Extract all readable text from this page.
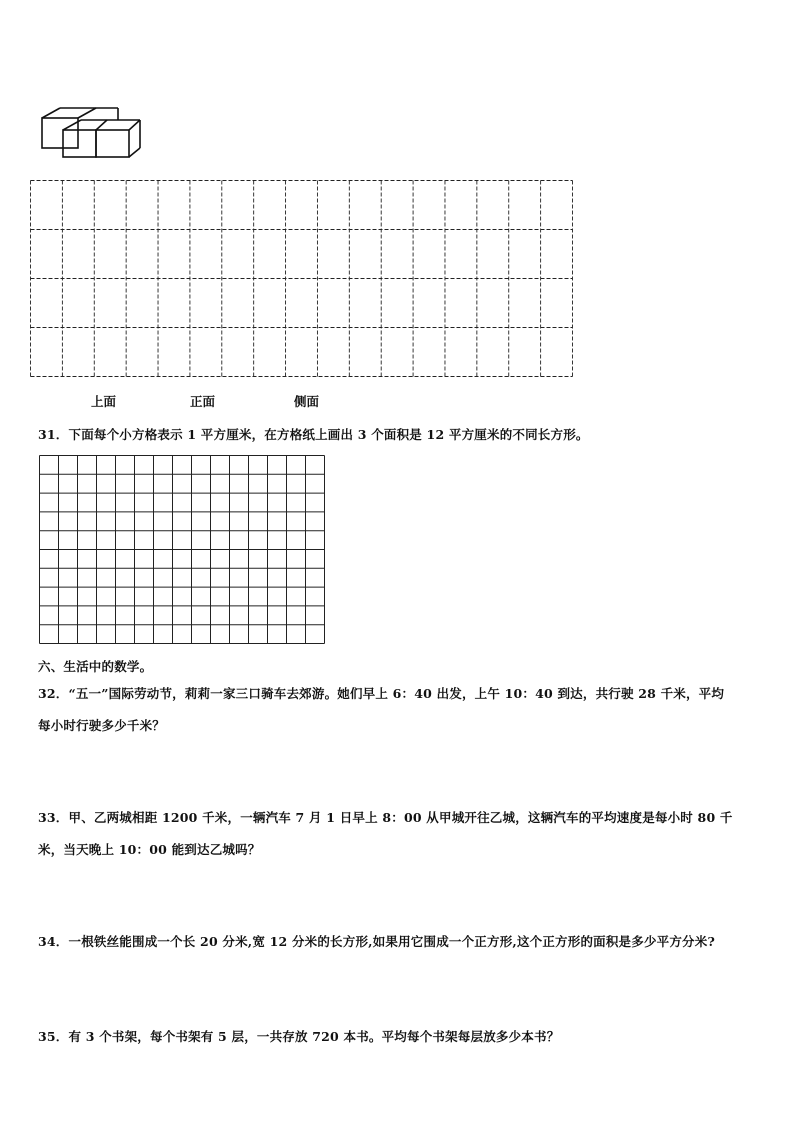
上面	正面	侧面
31．下面每个小方格表示 1 平方厘米，在方格纸上画出 3 个面积是 12 平方厘米的不同长方形。
六、生活中的数学。
32．“五一”国际劳动节，莉莉一家三口骑车去郊游。她们早上 6：40 出发，上午 10：40 到达，共行驶 28 千米，平均
每小时行驶多少千米？
33．甲、乙两城相距 1200 千米，一辆汽车 7 月 1 日早上 8：00 从甲城开往乙城，这辆汽车的平均速度是每小时 80 千
米，当天晚上 10：00 能到达乙城吗？
34．一根铁丝能围成一个长 20 分米,宽 12 分米的长方形,如果用它围成一个正方形,这个正方形的面积是多少平方分米?
35．有 3 个书架，每个书架有 5 层，一共存放 720 本书。平均每个书架每层放多少本书？
